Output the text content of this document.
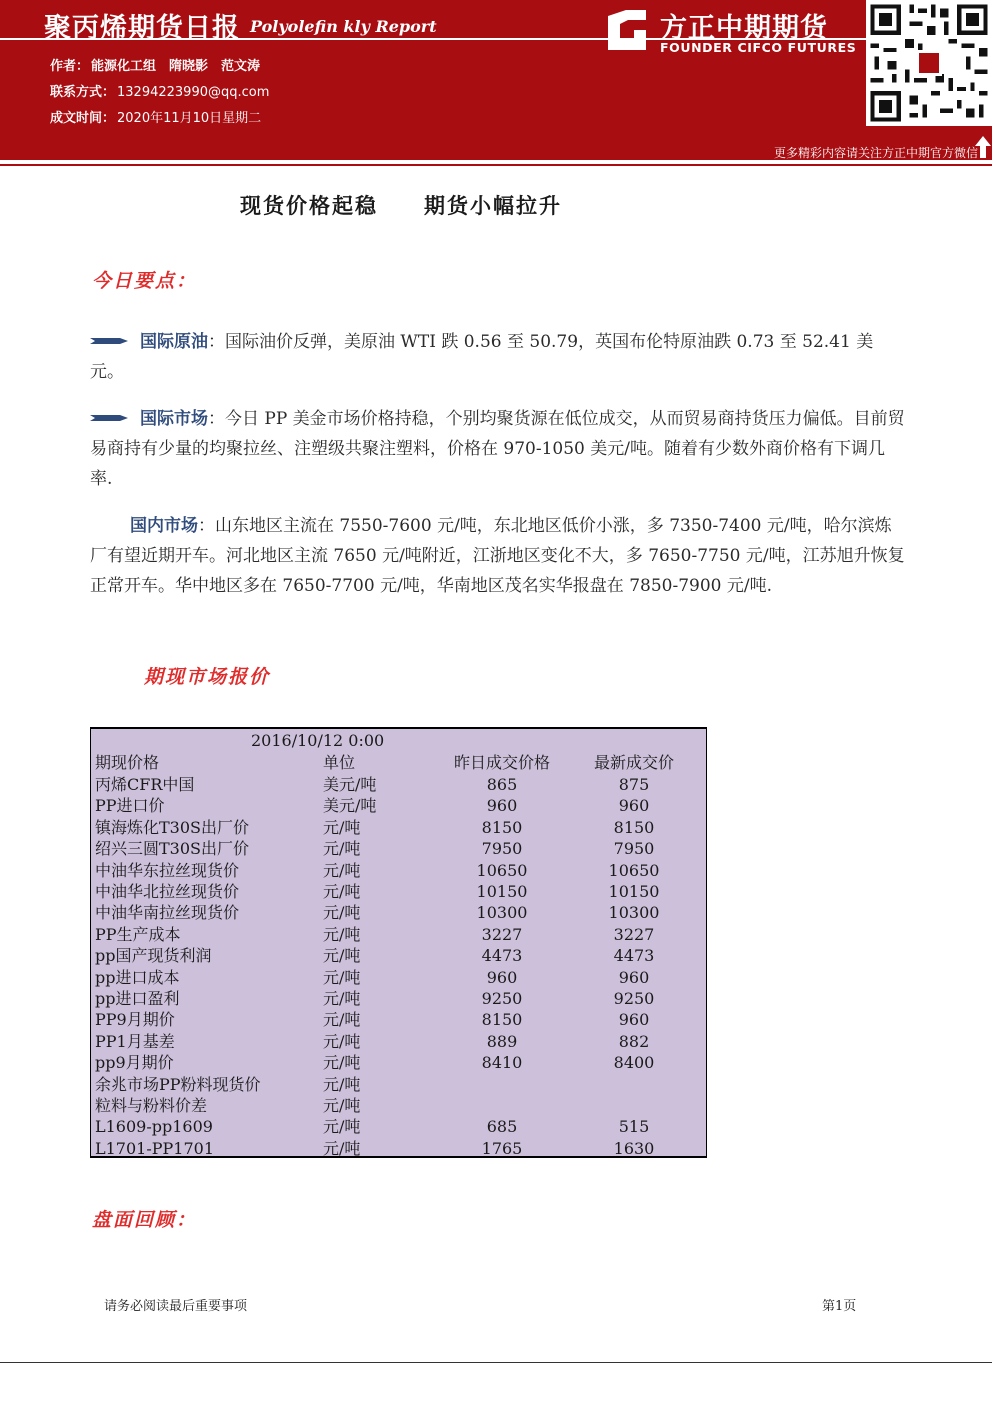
聚丙烯期货日报 Polyolefin kly Report
作者： 能源化工组　隋晓影　范文涛
联系方式： 13294223990@qq.com
成文时间： 2020年11月10日星期二
方正中期期货
FOUNDER CIFCO FUTURES
更多精彩内容请关注方正中期官方微信
现货价格起稳　　期货小幅拉升
今日要点：
国际原油：国际油价反弹，美原油 WTI 跌 0.56 至 50.79，英国布伦特原油跌 0.73 至 52.41 美元。
国际市场：今日 PP 美金市场价格持稳，个别均聚货源在低位成交，从而贸易商持货压力偏低。目前贸易商持有少量的均聚拉丝、注塑级共聚注塑料，价格在 970-1050 美元/吨。随着有少数外商价格有下调几率.
国内市场：山东地区主流在 7550-7600 元/吨，东北地区低价小涨，多 7350-7400 元/吨，哈尔滨炼厂有望近期开车。河北地区主流 7650 元/吨附近，江浙地区变化不大，多 7650-7750 元/吨，江苏旭升恢复正常开车。华中地区多在 7650-7700 元/吨，华南地区茂名实华报盘在 7850-7900 元/吨.
期现市场报价
2016/10/12 0:00
期现价格	单位	昨日成交价格	最新成交价
丙烯CFR中国	美元/吨	865	875
PP进口价	美元/吨	960	960
镇海炼化T30S出厂价	元/吨	8150	8150
绍兴三圆T30S出厂价	元/吨	7950	7950
中油华东拉丝现货价	元/吨	10650	10650
中油华北拉丝现货价	元/吨	10150	10150
中油华南拉丝现货价	元/吨	10300	10300
PP生产成本	元/吨	3227	3227
pp国产现货利润	元/吨	4473	4473
pp进口成本	元/吨	960	960
pp进口盈利	元/吨	9250	9250
PP9月期价	元/吨	8150	960
PP1月基差	元/吨	889	882
pp9月期价	元/吨	8410	8400
余兆市场PP粉料现货价	元/吨
粒料与粉料价差	元/吨
L1609-pp1609	元/吨	685	515
L1701-PP1701	元/吨	1765	1630
盘面回顾：
请务必阅读最后重要事项	第1页
